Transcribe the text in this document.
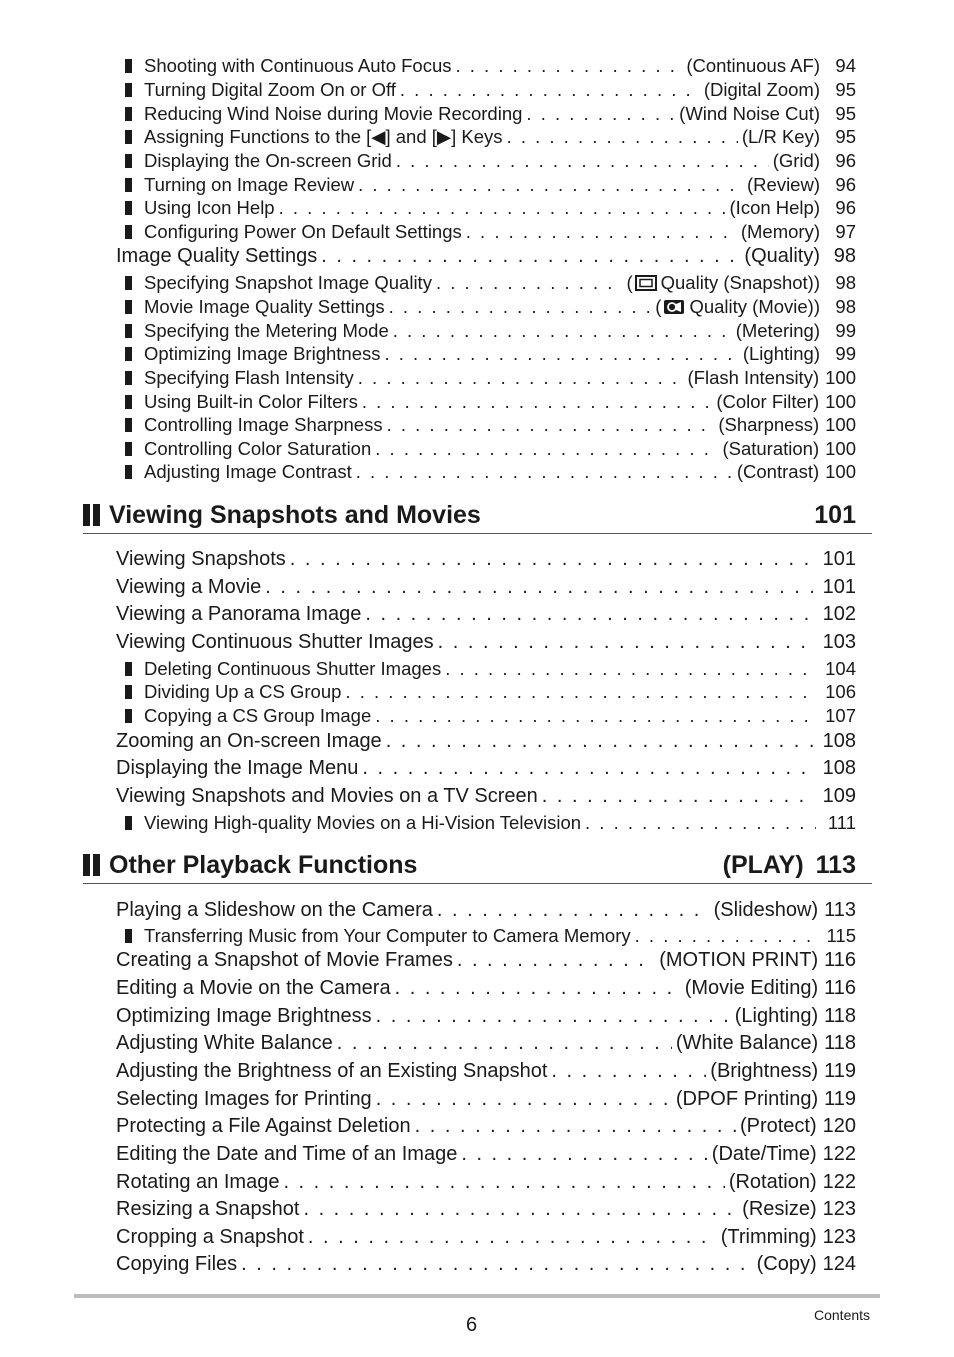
Shooting with Continuous Auto Focus . . .	(Continuous AF) 94
Turning Digital Zoom On or Off . . .	(Digital Zoom) 95
Reducing Wind Noise during Movie Recording . . .	(Wind Noise Cut) 95
Assigning Functions to the [◀] and [▶] Keys . . .	(L/R Key) 95
Displaying the On-screen Grid . . .	(Grid) 96
Turning on Image Review . . .	(Review) 96
Using Icon Help . . .	(Icon Help) 96
Configuring Power On Default Settings . . .	(Memory) 97
Image Quality Settings . . .	(Quality) 98
Specifying Snapshot Image Quality . . .	( Quality (Snapshot)) 98
Movie Image Quality Settings . . .	( Quality (Movie)) 98
Specifying the Metering Mode . . .	(Metering) 99
Optimizing Image Brightness . . .	(Lighting) 99
Specifying Flash Intensity . . .	(Flash Intensity) 100
Using Built-in Color Filters . . .	(Color Filter) 100
Controlling Image Sharpness . . .	(Sharpness) 100
Controlling Color Saturation . . .	(Saturation) 100
Adjusting Image Contrast . . .	(Contrast) 100
Viewing Snapshots and Movies	101
Viewing Snapshots . . .	101
Viewing a Movie . . .	101
Viewing a Panorama Image . . .	102
Viewing Continuous Shutter Images . . .	103
Deleting Continuous Shutter Images . . .	104
Dividing Up a CS Group . . .	106
Copying a CS Group Image . . .	107
Zooming an On-screen Image . . .	108
Displaying the Image Menu . . .	108
Viewing Snapshots and Movies on a TV Screen . . .	109
Viewing High-quality Movies on a Hi-Vision Television . . .	111
Other Playback Functions	(PLAY) 113
Playing a Slideshow on the Camera . . .	(Slideshow) 113
Transferring Music from Your Computer to Camera Memory . . .	115
Creating a Snapshot of Movie Frames . . .	(MOTION PRINT) 116
Editing a Movie on the Camera . . .	(Movie Editing) 116
Optimizing Image Brightness . . .	(Lighting) 118
Adjusting White Balance . . .	(White Balance) 118
Adjusting the Brightness of an Existing Snapshot . . .	(Brightness) 119
Selecting Images for Printing . . .	(DPOF Printing) 119
Protecting a File Against Deletion . . .	(Protect) 120
Editing the Date and Time of an Image . . .	(Date/Time) 122
Rotating an Image . . .	(Rotation) 122
Resizing a Snapshot . . .	(Resize) 123
Cropping a Snapshot . . .	(Trimming) 123
Copying Files . . .	(Copy) 124
6	Contents
